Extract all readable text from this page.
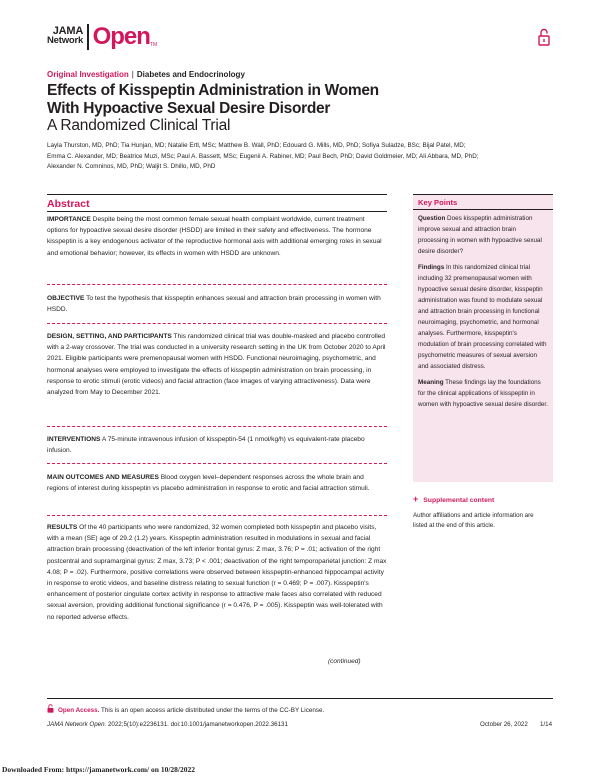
JAMA
Network Open TM
Original Investigation | Diabetes and Endocrinology
Effects of Kisspeptin Administration in Women
With Hypoactive Sexual Desire Disorder
A Randomized Clinical Trial
Layla Thurston, MD, PhD; Tia Hunjan, MD; Natalie Ertl, MSc; Matthew B. Wall, PhD; Edouard G. Mills, MD, PhD; Sofiya Suladze, BSc; Bijal Patel, MD;
Emma C. Alexander, MD; Beatrice Muzi, MSc; Paul A. Bassett, MSc; Eugenii A. Rabiner, MD; Paul Bech, PhD; David Goldmeier, MD; Ali Abbara, MD, PhD;
Alexander N. Comninos, MD, PhD; Waljit S. Dhillo, MD, PhD
Abstract
IMPORTANCE Despite being the most common female sexual health complaint worldwide, current treatment options for hypoactive sexual desire disorder (HSDD) are limited in their safety and effectiveness. The hormone kisspeptin is a key endogenous activator of the reproductive hormonal axis with additional emerging roles in sexual and emotional behavior; however, its effects in women with HSDD are unknown.
OBJECTIVE To test the hypothesis that kisspeptin enhances sexual and attraction brain processing in women with HSDD.
DESIGN, SETTING, AND PARTICIPANTS This randomized clinical trial was double-masked and placebo controlled with a 2-way crossover. The trial was conducted in a university research setting in the UK from October 2020 to April 2021. Eligible participants were premenopausal women with HSDD. Functional neuroimaging, psychometric, and hormonal analyses were employed to investigate the effects of kisspeptin administration on brain processing, in response to erotic stimuli (erotic videos) and facial attraction (face images of varying attractiveness). Data were analyzed from May to December 2021.
INTERVENTIONS A 75-minute intravenous infusion of kisspeptin-54 (1 nmol/kg/h) vs equivalent-rate placebo infusion.
MAIN OUTCOMES AND MEASURES Blood oxygen level–dependent responses across the whole brain and regions of interest during kisspeptin vs placebo administration in response to erotic and facial attraction stimuli.
RESULTS Of the 40 participants who were randomized, 32 women completed both kisspeptin and placebo visits, with a mean (SE) age of 29.2 (1.2) years. Kisspeptin administration resulted in modulations in sexual and facial attraction brain processing (deactivation of the left inferior frontal gyrus: Z max, 3.76; P = .01; activation of the right postcentral and supramarginal gyrus: Z max, 3.73; P < .001; deactivation of the right temporoparietal junction: Z max 4.08; P = .02). Furthermore, positive correlations were observed between kisspeptin-enhanced hippocampal activity in response to erotic videos, and baseline distress relating to sexual function (r = 0.469; P = .007). Kisspeptin's enhancement of posterior cingulate cortex activity in response to attractive male faces also correlated with reduced sexual aversion, providing additional functional significance (r = 0.476, P = .005). Kisspeptin was well-tolerated with no reported adverse effects.
(continued)
Key Points

Question Does kisspeptin administration improve sexual and attraction brain processing in women with hypoactive sexual desire disorder?

Findings In this randomized clinical trial including 32 premenopausal women with hypoactive sexual desire disorder, kisspeptin administration was found to modulate sexual and attraction brain processing in functional neuroimaging, psychometric, and hormonal analyses. Furthermore, kisspeptin's modulation of brain processing correlated with psychometric measures of sexual aversion and associated distress.

Meaning These findings lay the foundations for the clinical applications of kisspeptin in women with hypoactive sexual desire disorder.

+ Supplemental content
Author affiliations and article information are listed at the end of this article.
Open Access. This is an open access article distributed under the terms of the CC-BY License.
JAMA Network Open. 2022;5(10):e2236131. doi:10.1001/jamanetworkopen.2022.36131	October 26, 2022 1/14
Downloaded From: https://jamanetwork.com/ on 10/28/2022
